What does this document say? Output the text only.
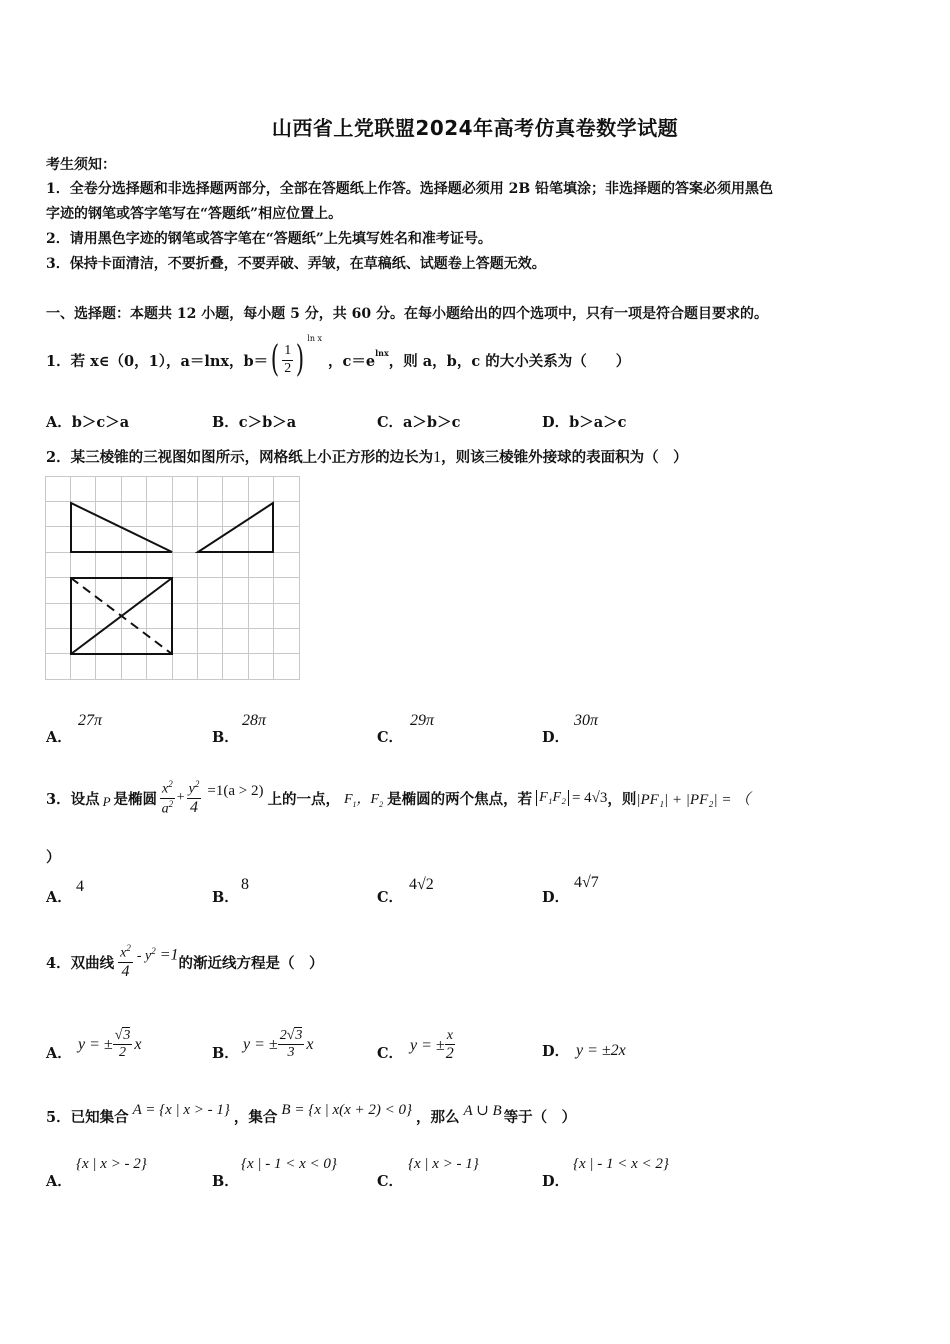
山西省上党联盟2024年高考仿真卷数学试题
考生须知：
1．全卷分选择题和非选择题两部分，全部在答题纸上作答。选择题必须用 2B 铅笔填涂；非选择题的答案必须用黑色
字迹的钢笔或答字笔写在“答题纸”相应位置上。
2．请用黑色字迹的钢笔或答字笔在“答题纸”上先填写姓名和准考证号。
3．保持卡面清洁，不要折叠，不要弄破、弄皱，在草稿纸、试题卷上答题无效。
一、选择题：本题共 12 小题，每小题 5 分，共 60 分。在每小题给出的四个选项中，只有一项是符合题目要求的。
1．若 x∈（0，1），a＝lnx，b＝ ( $\frac{1}{2}$ )
ln x
，c＝e lnx ，则 a，b，c 的大小关系为（　　）
A．b＞c＞a	B．c＞b＞a	C．a＞b＞c	D．b＞a＞c
2．某三棱锥的三视图如图所示，网格纸上小正方形的边长为1，则该三棱锥外接球的表面积为（　）
A．
27π
B．
28π
C．
29π
D．
30π
3．设点 P 是椭圆 $\frac{x^2}{a^2} + \frac{y^2}{4} =1(a > 2)$ 上的一点， $F_1$，$F_2$ 是椭圆的两个焦点，若 F₁F₂ = 4√3 ，则 |PF₁| + |PF₂| = （
）
A．
4
B．
8
C．
4√2
D．
4√7
4．双曲线 $\frac{x^2}{4} - y^2 =1$ 的渐近线方程是（　）
A．
y = ± $\frac{√3}{2}$ x
B．
y = ± $\frac{2√3}{3}$ x
C． y = ± $\frac{x}{2}$	D． y = ±2x
5．已知集合 A = {x | x > - 1} ，集合 B = {x | x(x + 2) < 0} ，那么 A ∪ B 等于（　）
A．
{x | x > - 2}
B．
{x | - 1 < x < 0}
C．
{x | x > - 1}
D．
{x | - 1 < x < 2}
